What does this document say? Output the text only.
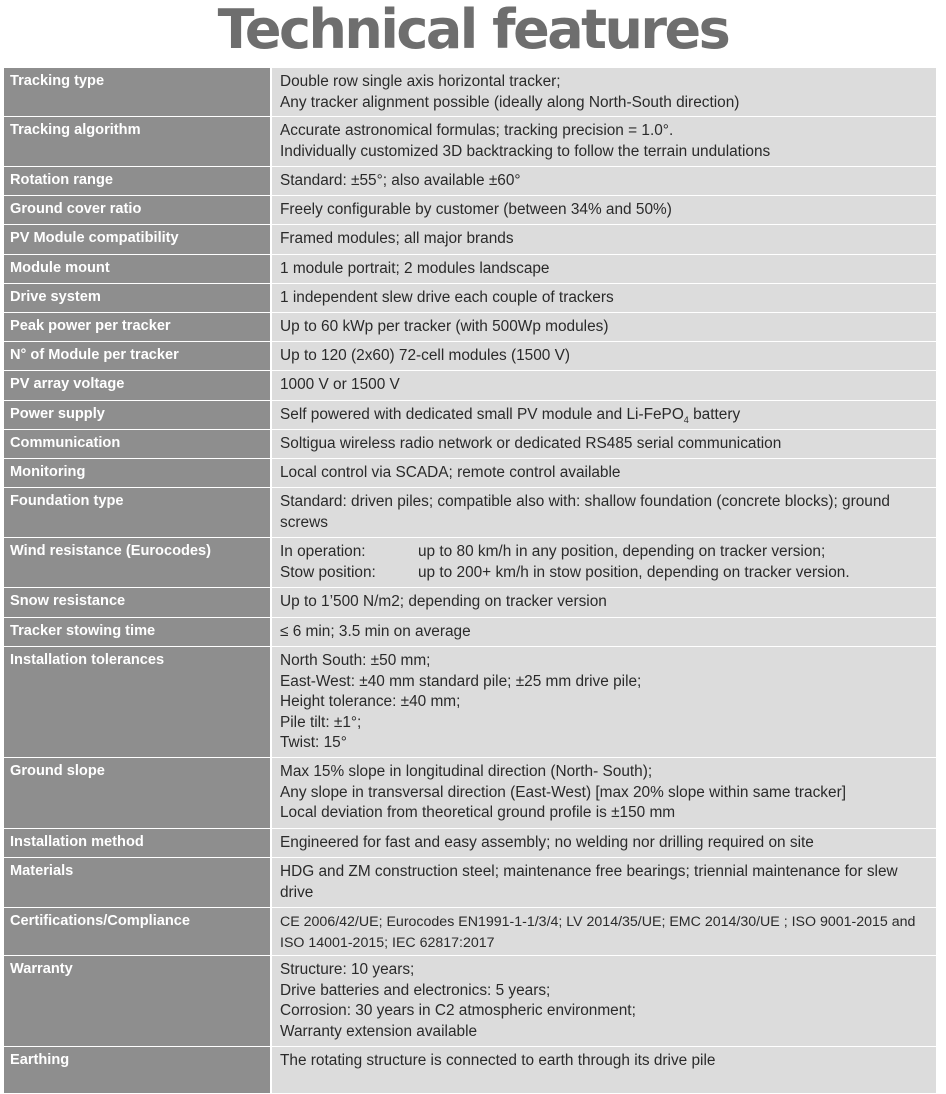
Technical features
Tracking type	Double row single axis horizontal tracker;
Any tracker alignment possible (ideally along North-South direction)
Tracking algorithm	Accurate astronomical formulas; tracking precision = 1.0°.
Individually customized 3D backtracking to follow the terrain undulations
Rotation range	Standard: ±55°; also available ±60°
Ground cover ratio	Freely configurable by customer (between 34% and 50%)
PV Module compatibility	Framed modules; all major brands
Module mount	1 module portrait; 2 modules landscape
Drive system	1 independent slew drive each couple of trackers
Peak power per tracker	Up to 60 kWp per tracker (with 500Wp modules)
N° of Module per tracker	Up to 120 (2x60) 72-cell modules (1500 V)
PV array voltage	1000 V or 1500 V
Power supply	Self powered with dedicated small PV module and Li-FePO$_4$ battery
Communication	Soltigua wireless radio network or dedicated RS485 serial communication
Monitoring	Local control via SCADA; remote control available
Foundation type	Standard: driven piles; compatible also with: shallow foundation (concrete blocks); ground screws
Wind resistance (Eurocodes)	In operation:	up to 80 km/h in any position, depending on tracker version;
Stow position:	up to 200+ km/h in stow position, depending on tracker version.
Snow resistance	Up to 1’500 N/m2; depending on tracker version
Tracker stowing time	≤ 6 min; 3.5 min on average
Installation tolerances	North South: ±50 mm;
East-West: ±40 mm standard pile; ±25 mm drive pile;
Height tolerance: ±40 mm;
Pile tilt: ±1°;
Twist: 15°
Ground slope	Max 15% slope in longitudinal direction (North- South);
Any slope in transversal direction (East-West) [max 20% slope within same tracker]
Local deviation from theoretical ground profile is ±150 mm
Installation method	Engineered for fast and easy assembly; no welding nor drilling required on site
Materials	HDG and ZM construction steel; maintenance free bearings; triennial maintenance for slew drive
Certifications/Compliance	CE 2006/42/UE; Eurocodes EN1991-1-1/3/4; LV 2014/35/UE; EMC 2014/30/UE ; ISO 9001-2015 and ISO 14001-2015; IEC 62817:2017
Warranty	Structure: 10 years;
Drive batteries and electronics: 5 years;
Corrosion: 30 years in C2 atmospheric environment;
Warranty extension available
Earthing	The rotating structure is connected to earth through its drive pile
